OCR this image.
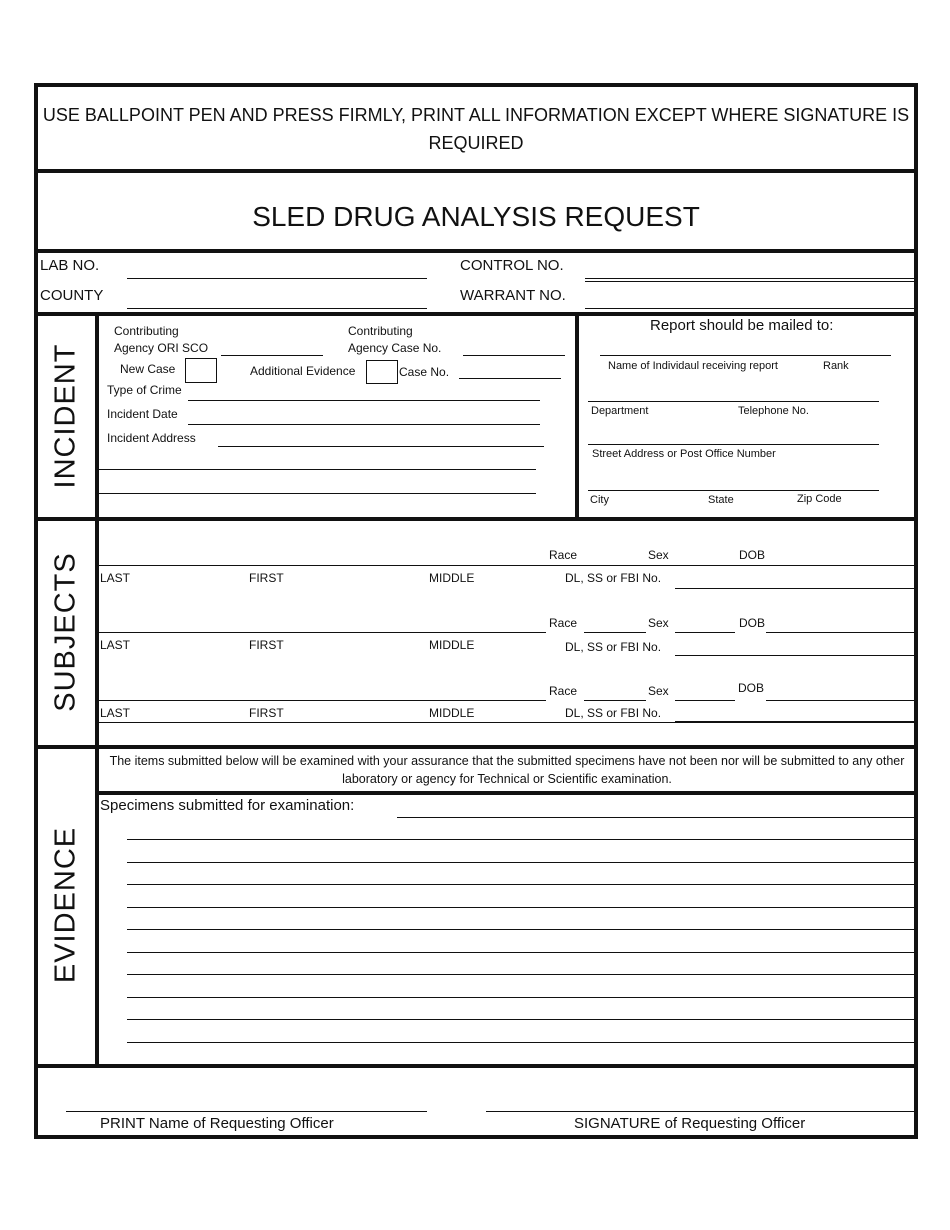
USE BALLPOINT PEN AND PRESS FIRMLY, PRINT ALL INFORMATION EXCEPT WHERE SIGNATURE IS REQUIRED
SLED DRUG ANALYSIS REQUEST
LAB NO.	CONTROL NO.
COUNTY	WARRANT NO.
INCIDENT
Contributing
Agency ORI SCO
Contributing
Agency Case No.
New Case	Additional Evidence	Case No.
Type of Crime
Incident Date
Incident Address
Report should be mailed to:
Name of Individaul receiving report	Rank
Department	Telephone No.
Street Address or Post Office Number
City	State	Zip Code
SUBJECTS	Race	Sex	DOB
LAST	FIRST	MIDDLE	DL, SS or FBI No.
Race	Sex	DOB
LAST	FIRST	MIDDLE	DL, SS or FBI No.
Race	Sex	DOB
LAST	FIRST	MIDDLE	DL, SS or FBI No.
EVIDENCE
The items submitted below will be examined with your assurance that the submitted specimens have not been nor will be submitted to any other laboratory or agency for Technical or Scientific examination.
Specimens submitted for examination:
PRINT Name of Requesting Officer	SIGNATURE of Requesting Officer
